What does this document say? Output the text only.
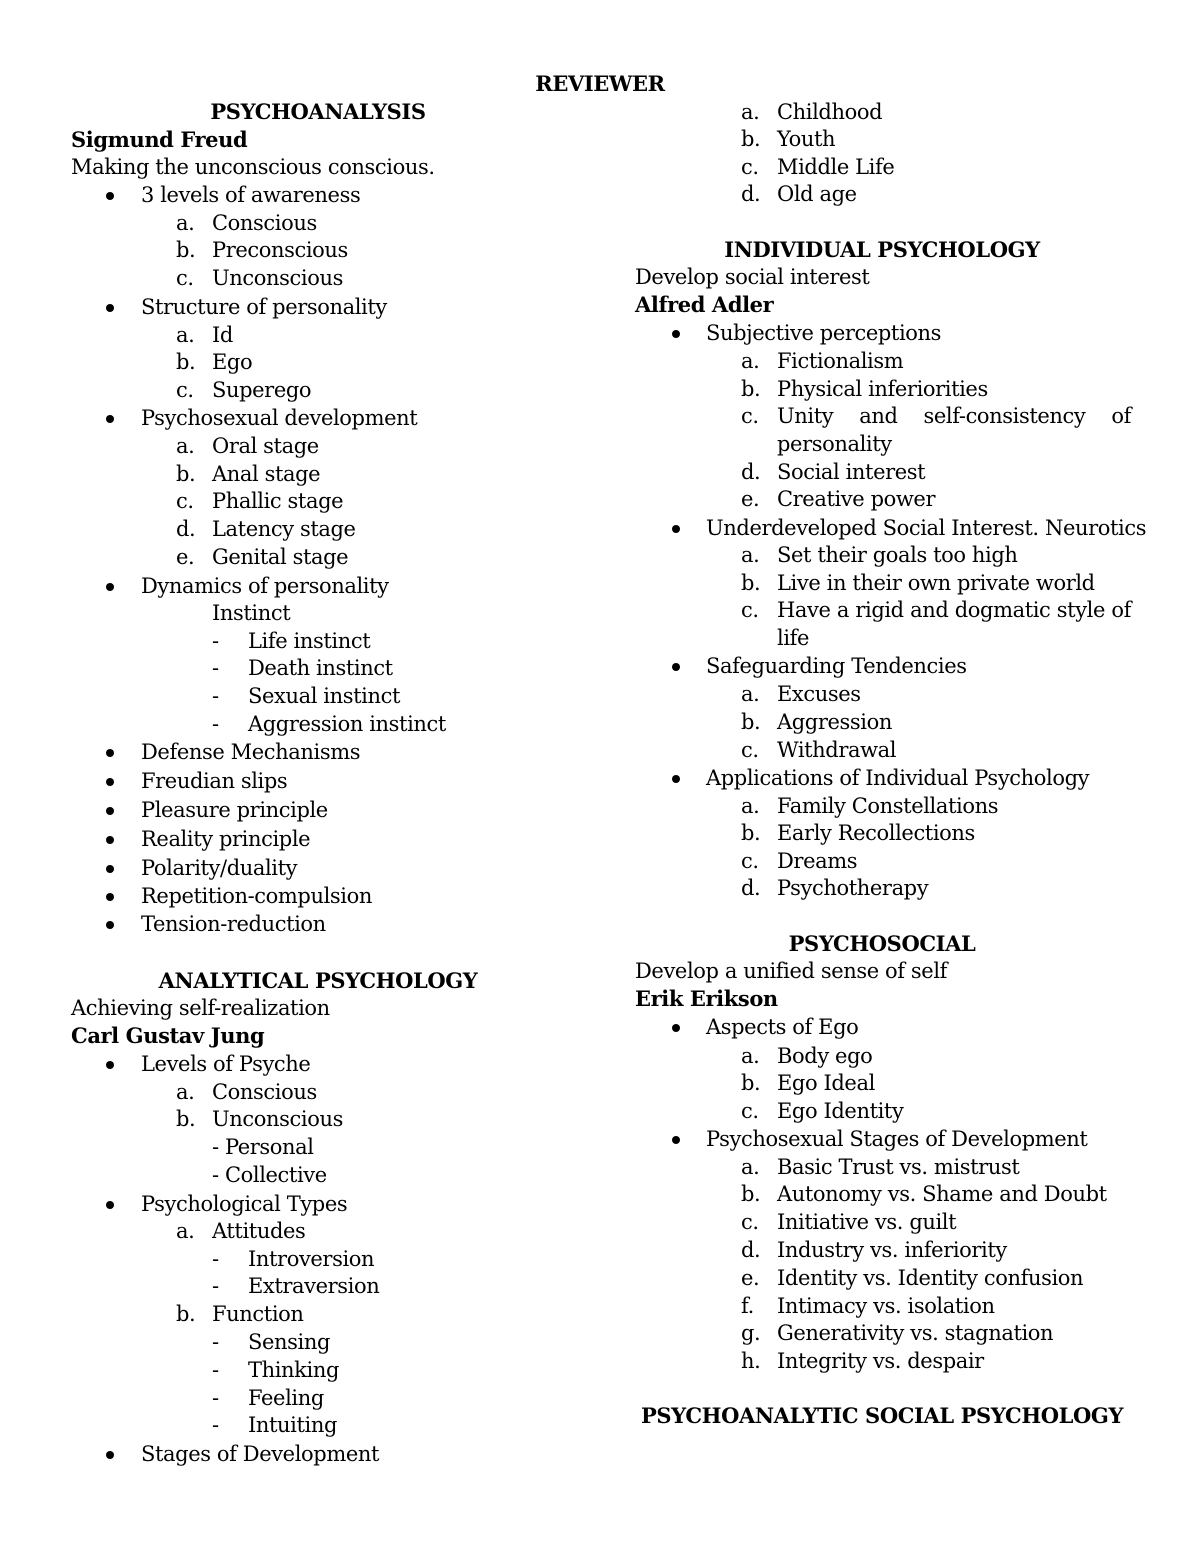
REVIEWER
PSYCHOANALYSIS
Sigmund Freud
Making the unconscious conscious.
3 levels of awareness
a. Conscious
b. Preconscious
c. Unconscious
Structure of personality
a. Id
b. Ego
c. Superego
Psychosexual development
a. Oral stage
b. Anal stage
c. Phallic stage
d. Latency stage
e. Genital stage
Dynamics of personality
Instinct
- Life instinct
- Death instinct
- Sexual instinct
- Aggression instinct
Defense Mechanisms
Freudian slips
Pleasure principle
Reality principle
Polarity/duality
Repetition-compulsion
Tension-reduction
ANALYTICAL PSYCHOLOGY
Achieving self-realization
Carl Gustav Jung
Levels of Psyche
a. Conscious
b. Unconscious
- Personal
- Collective
Psychological Types
a. Attitudes
- Introversion
- Extraversion
b. Function
- Sensing
- Thinking
- Feeling
- Intuiting
Stages of Development
a. Childhood
b. Youth
c. Middle Life
d. Old age
INDIVIDUAL PSYCHOLOGY
Develop social interest
Alfred Adler
Subjective perceptions
a. Fictionalism
b. Physical inferiorities
c. Unity and self-consistency of
personality
d. Social interest
e. Creative power
Underdeveloped Social Interest. Neurotics
a. Set their goals too high
b. Live in their own private world
c. Have a rigid and dogmatic style of
life
Safeguarding Tendencies
a. Excuses
b. Aggression
c. Withdrawal
Applications of Individual Psychology
a. Family Constellations
b. Early Recollections
c. Dreams
d. Psychotherapy
PSYCHOSOCIAL
Develop a unified sense of self
Erik Erikson
Aspects of Ego
a. Body ego
b. Ego Ideal
c. Ego Identity
Psychosexual Stages of Development
a. Basic Trust vs. mistrust
b. Autonomy vs. Shame and Doubt
c. Initiative vs. guilt
d. Industry vs. inferiority
e. Identity vs. Identity confusion
f. Intimacy vs. isolation
g. Generativity vs. stagnation
h. Integrity vs. despair
PSYCHOANALYTIC SOCIAL PSYCHOLOGY
